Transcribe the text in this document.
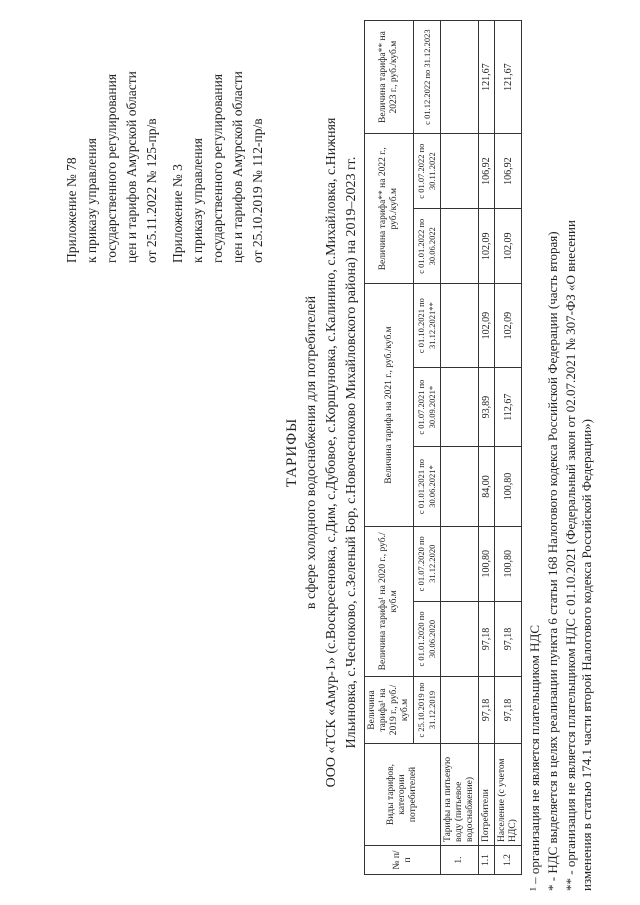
Приложение № 78 к приказу управления государственного регулирования цен и тарифов Амурской области от 25.11.2022 № 125-пр/в Приложение № 3 к приказу управления государственного регулирования цен и тарифов Амурской области от 25.10.2019 № 112-пр/в
ТАРИФЫ в сфере холодного водоснабжения для потребителей ООО «ТСК «Амур-1» (с.Воскресеновка, с.Дим, с.Дубовое, с.Коршуновка, с.Калинино, с.Михайловка, с.Нижняя Ильиновка, с.Чесноково, с.Зеленый Бор, с.Новочесноково Михайловского района) на 2019–2023 гг.
№ п/п	Виды тарифов, категории потребителей	Величина тарифа¹ на 2019 г., руб./куб.м	Величина тарифа¹ на 2020 г., руб./куб.м		Величина тарифа на 2021 г., руб./куб.м			Величина тарифа** на 2022 г., руб./куб.м		Величина тарифа** на 2023 г., руб./куб.м
		с 25.10.2019 по 31.12.2019	с 01.01.2020 по 30.06.2020	с 01.07.2020 по 31.12.2020	с 01.01.2021 по 30.06.2021*	с 01.07.2021 по 30.09.2021*	с 01.10.2021 по 31.12.2021**	с 01.01.2022 по 30.06.2022	с 01.07.2022 по 30.11.2022	с 01.12.2022 по 31.12.2023
1.	Тарифы на питьевую воду (питьевое водоснабжение)									
1.1	Потребители	97,18	97,18	100,80	84,00	93,89	102,09	102,09	106,92	121,67
1.2	Население (с учетом НДС)	97,18	97,18	100,80	100,80	112,67	102,09	102,09	106,92	121,67
¹ – организация не является плательщиком НДС * - НДС выделяется в целях реализации пункта 6 статьи 168 Налогового кодекса Российской Федерации (часть вторая) ** - организация не является плательщиком НДС с 01.10.2021 (Федеральный закон от 02.07.2021 № 307-ФЗ «О внесении изменения в статью 174.1 части второй Налогового кодекса Российской Федерации»)
